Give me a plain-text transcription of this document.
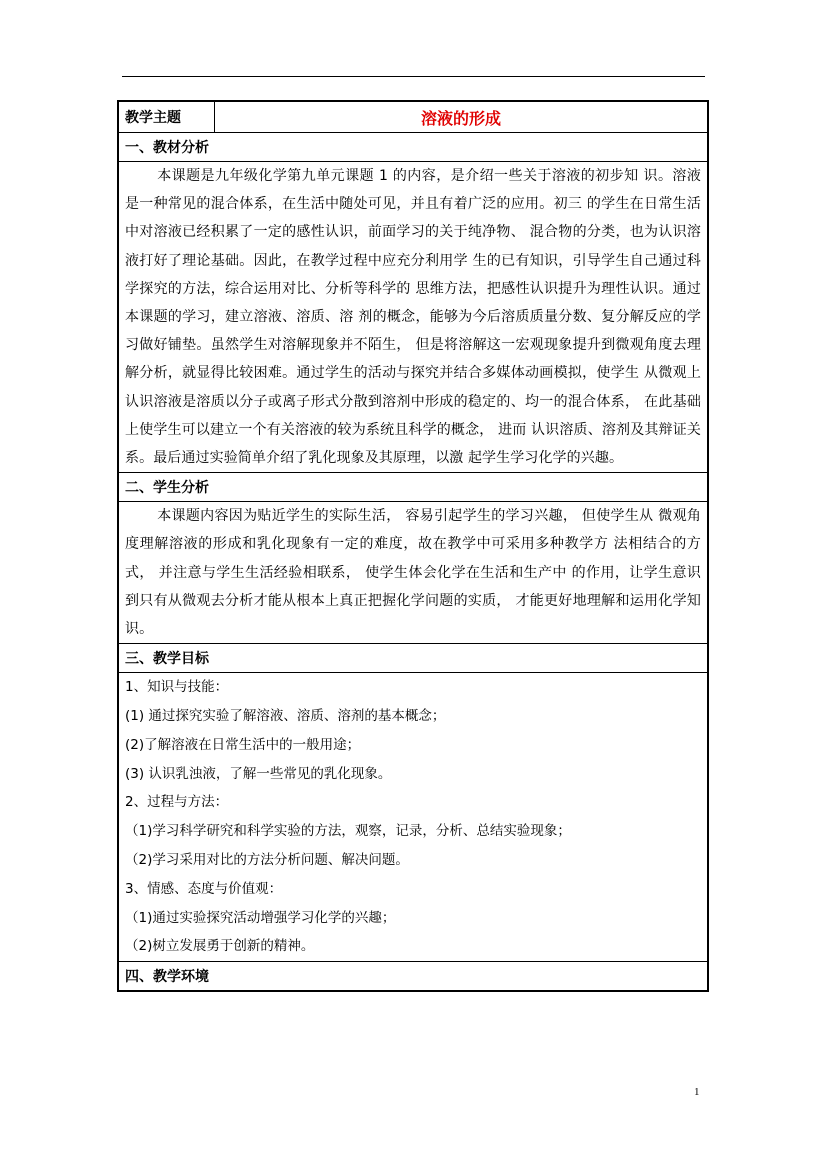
教学主题	溶液的形成
一、教材分析

本课题是九年级化学第九单元课题 1 的内容，是介绍一些关于溶液的初步知 识。溶液是一种常见的混合体系，在生活中随处可见，并且有着广泛的应用。初三 的学生在日常生活中对溶液已经积累了一定的感性认识，前面学习的关于纯净物、 混合物的分类，也为认识溶液打好了理论基础。因此，在教学过程中应充分利用学 生的已有知识，引导学生自己通过科学探究的方法，综合运用对比、分析等科学的 思维方法，把感性认识提升为理性认识。通过本课题的学习，建立溶液、溶质、溶 剂的概念，能够为今后溶质质量分数、复分解反应的学习做好铺垫。虽然学生对溶解现象并不陌生， 但是将溶解这一宏观现象提升到微观角度去理 解分析，就显得比较困难。通过学生的活动与探究并结合多媒体动画模拟，使学生 从微观上认识溶液是溶质以分子或离子形式分散到溶剂中形成的稳定的、均一的混合体系， 在此基础上使学生可以建立一个有关溶液的较为系统且科学的概念， 进而 认识溶质、溶剂及其辩证关系。最后通过实验简单介绍了乳化现象及其原理，以激 起学生学习化学的兴趣。

二、学生分析

本课题内容因为贴近学生的实际生活， 容易引起学生的学习兴趣， 但使学生从 微观角度理解溶液的形成和乳化现象有一定的难度，故在教学中可采用多种教学方 法相结合的方式， 并注意与学生生活经验相联系， 使学生体会化学在生活和生产中 的作用，让学生意识到只有从微观去分析才能从根本上真正把握化学问题的实质， 才能更好地理解和运用化学知识。

三、教学目标

1、知识与技能：
(1) 通过探究实验了解溶液、溶质、溶剂的基本概念；
(2)了解溶液在日常生活中的一般用途；
(3) 认识乳浊液，了解一些常见的乳化现象。
2、过程与方法：
（1)学习科学研究和科学实验的方法，观察，记录，分析、总结实验现象；
（2)学习采用对比的方法分析问题、解决问题。
3、情感、态度与价值观：
（1)通过实验探究活动增强学习化学的兴趣；
（2)树立发展勇于创新的精神。

四、教学环境
1
